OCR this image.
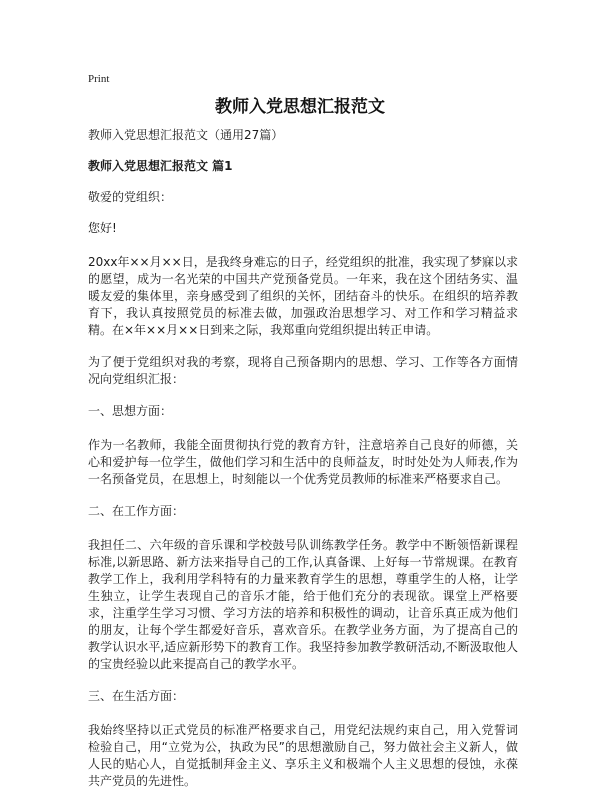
Print
教师入党思想汇报范文

教师入党思想汇报范文（通用27篇）

教师入党思想汇报范文 篇1

敬爱的党组织：

您好!

20xx年××月××日，是我终身难忘的日子，经党组织的批准，我实现了梦寐以求的愿望，成为一名光荣的中国共产党预备党员。一年来，我在这个团结务实、温暖友爱的集体里，亲身感受到了组织的关怀，团结奋斗的快乐。在组织的培养教育下，我认真按照党员的标准去做，加强政治思想学习、对工作和学习精益求精。在×年××月××日到来之际，我郑重向党组织提出转正申请。

为了便于党组织对我的考察，现将自己预备期内的思想、学习、工作等各方面情况向党组织汇报：

一、思想方面：

作为一名教师，我能全面贯彻执行党的教育方针，注意培养自己良好的师德，关心和爱护每一位学生，做他们学习和生活中的良师益友，时时处处为人师表,作为一名预备党员，在思想上，时刻能以一个优秀党员教师的标准来严格要求自己。

二、在工作方面：

我担任二、六年级的音乐课和学校鼓号队训练教学任务。教学中不断领悟新课程标准,以新思路、新方法来指导自己的工作,认真备课、上好每一节常规课。在教育教学工作上，我利用学科特有的力量来教育学生的思想，尊重学生的人格，让学生独立，让学生表现自己的音乐才能，给于他们充分的表现欲。课堂上严格要求，注重学生学习习惯、学习方法的培养和积极性的调动，让音乐真正成为他们的朋友，让每个学生都爱好音乐，喜欢音乐。在教学业务方面，为了提高自己的教学认识水平,适应新形势下的教育工作。我坚持参加教学教研活动,不断汲取他人的宝贵经验以此来提高自己的教学水平。

三、在生活方面：

我始终坚持以正式党员的标准严格要求自己，用党纪法规约束自己，用入党誓词检验自己，用“立党为公，执政为民”的思想激励自己，努力做社会主义新人，做人民的贴心人，自觉抵制拜金主义、享乐主义和极端个人主义思想的侵蚀，永葆共产党员的先进性。
